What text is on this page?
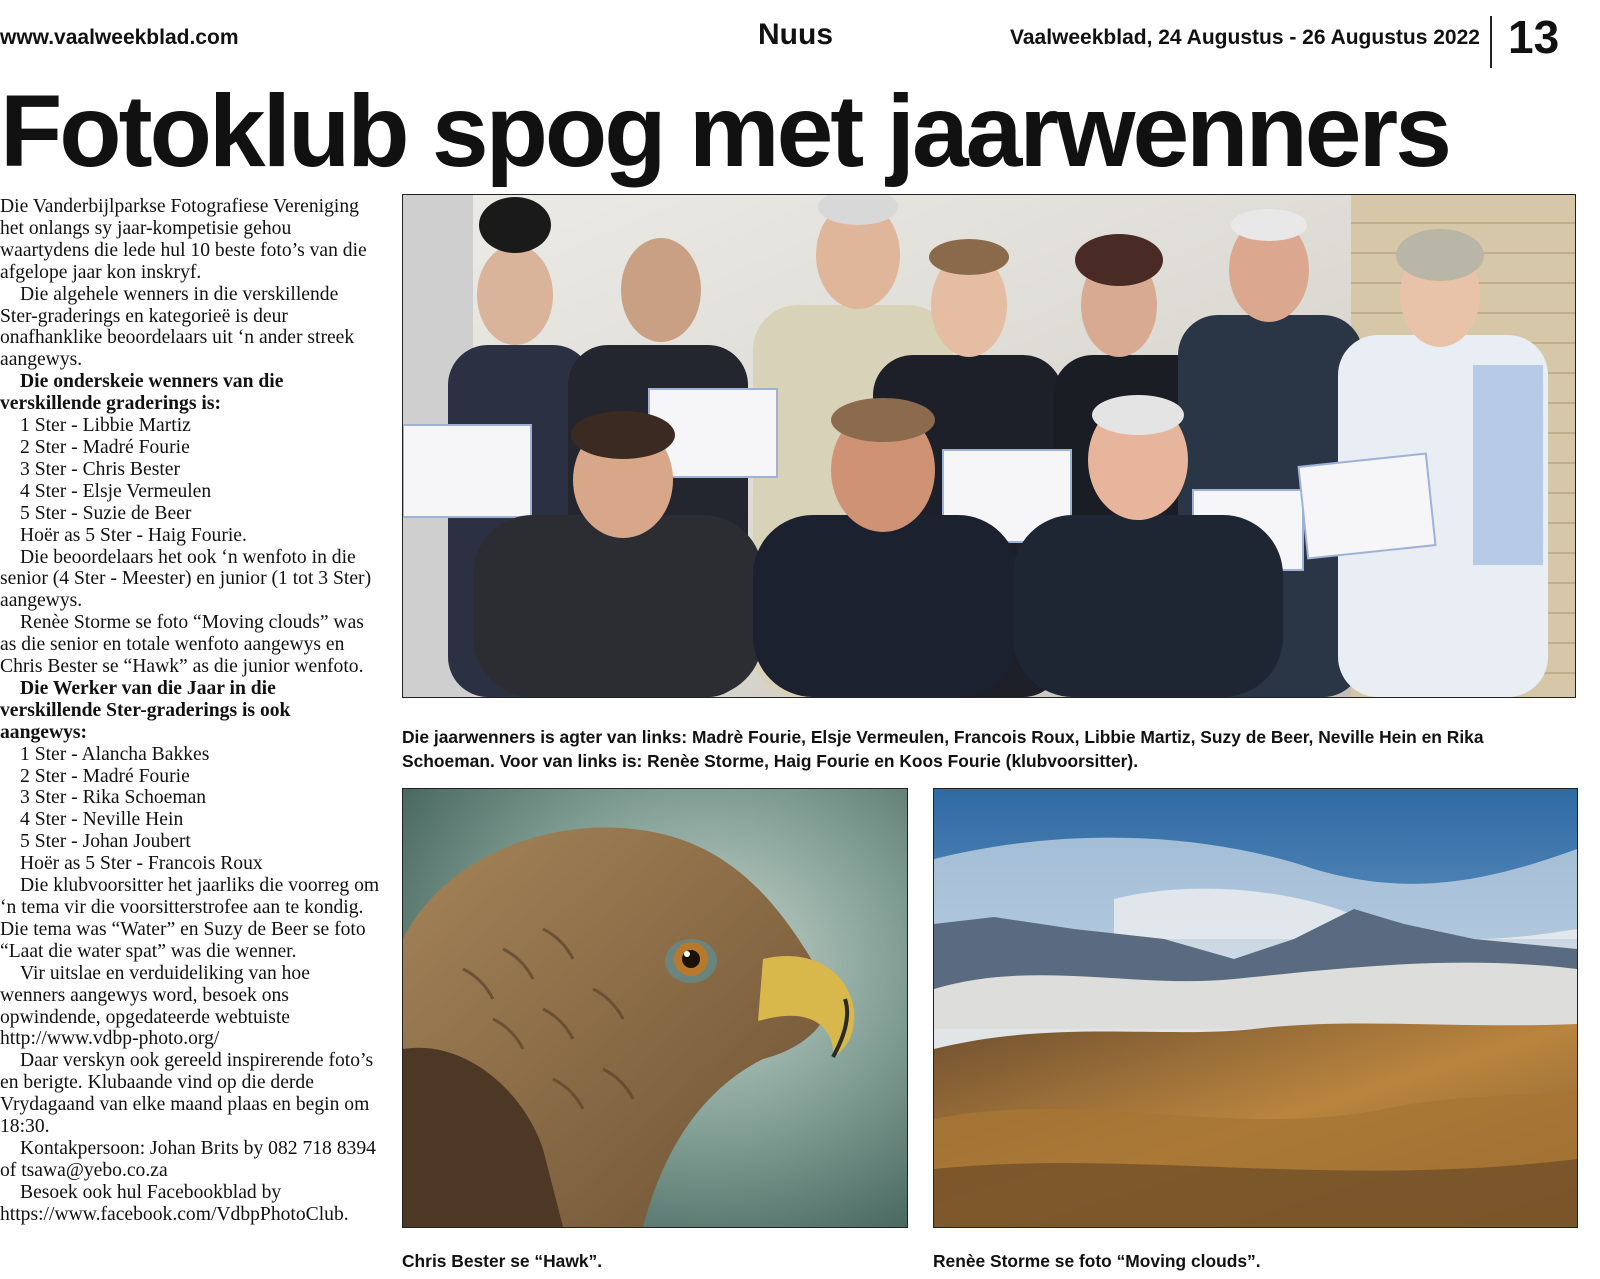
www.vaalweekblad.com	Nuus	Vaalweekblad, 24 Augustus - 26 Augustus 2022 13
Fotoklub spog met jaarwenners

Die Vanderbijlparkse Fotografiese Vereniging het onlangs sy jaar-kompetisie gehou waartydens die lede hul 10 beste foto’s van die afgelope jaar kon inskryf.

Die algehele wenners in die verskillende Ster-graderings en kategorieë is deur onafhanklike beoordelaars uit ‘n ander streek aangewys.

Die onderskeie wenners van die verskillende graderings is:

1 Ster - Libbie Martiz
2 Ster - Madré Fourie
3 Ster - Chris Bester
4 Ster - Elsje Vermeulen
5 Ster - Suzie de Beer
Hoër as 5 Ster - Haig Fourie.

Die beoordelaars het ook ‘n wenfoto in die senior (4 Ster - Meester) en junior (1 tot 3 Ster) aangewys.

Renèe Storme se foto “Moving clouds” was as die senior en totale wenfoto aangewys en Chris Bester se “Hawk” as die junior wenfoto.

Die Werker van die Jaar in die verskillende Ster-graderings is ook aangewys:

1 Ster - Alancha Bakkes
2 Ster - Madré Fourie
3 Ster - Rika Schoeman
4 Ster - Neville Hein
5 Ster - Johan Joubert
Hoër as 5 Ster - Francois Roux

Die klubvoorsitter het jaarliks die voorreg om ‘n tema vir die voorsitterstrofee aan te kondig. Die tema was “Water” en Suzy de Beer se foto “Laat die water spat” was die wenner.

Vir uitslae en verduideliking van hoe wenners aangewys word, besoek ons opwindende, opgedateerde webtuiste

http://www.vdbp-photo.org/

Daar verskyn ook gereeld inspirerende foto’s en berigte. Klubaande vind op die derde Vrydagaand van elke maand plaas en begin om 18:30.

Kontakpersoon: Johan Brits by 082 718 8394 of tsawa@yebo.co.za

Besoek ook hul Facebookblad by

https://www.facebook.com/VdbpPhotoClub.

Die jaarwenners is agter van links: Madrè Fourie, Elsje Vermeulen, Francois Roux, Libbie Martiz, Suzy de Beer, Neville Hein en Rika Schoeman. Voor van links is: Renèe Storme, Haig Fourie en Koos Fourie (klubvoorsitter).
Chris Bester se “Hawk”.	Renèe Storme se foto “Moving clouds”.
